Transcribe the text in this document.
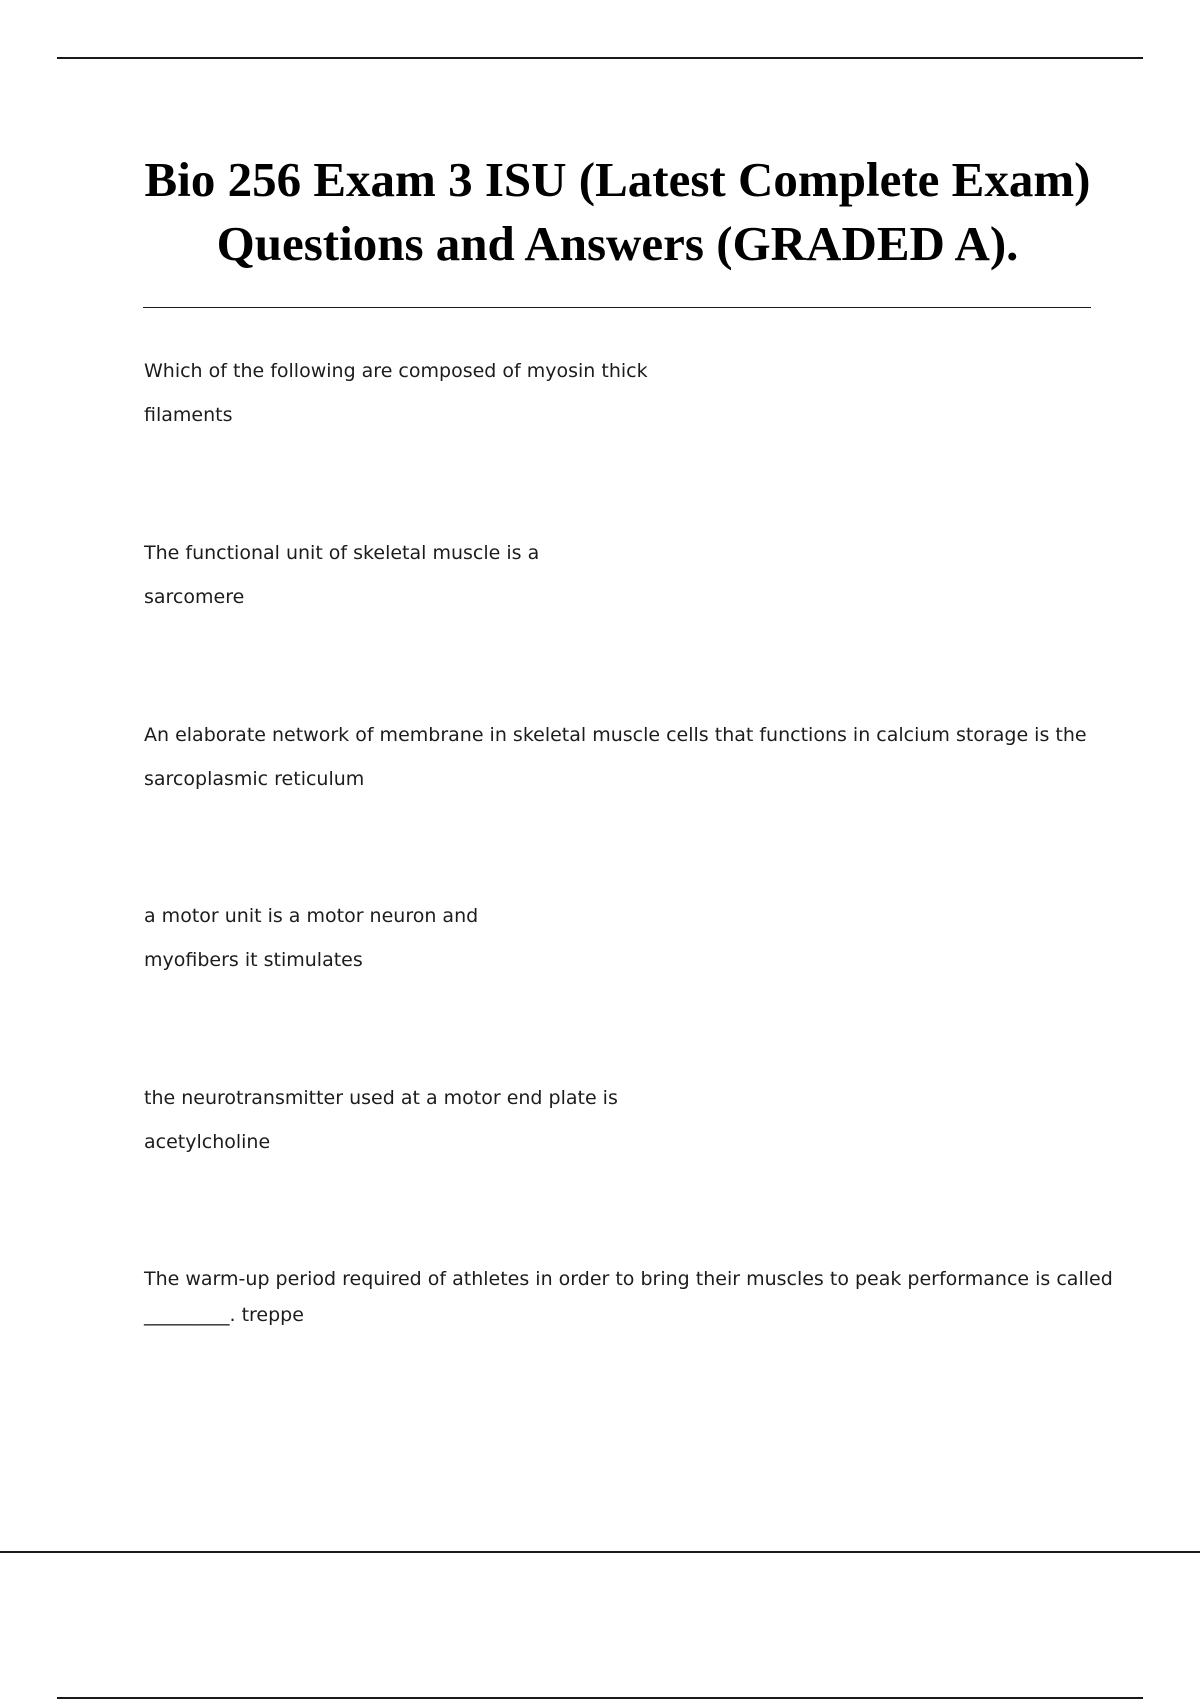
Bio 256 Exam 3 ISU (Latest Complete Exam) Questions and Answers (GRADED A).
Which of the following are composed of myosin thick
filaments
The functional unit of skeletal muscle is a
sarcomere
An elaborate network of membrane in skeletal muscle cells that functions in calcium storage is the
sarcoplasmic reticulum
a motor unit is a motor neuron and
myofibers it stimulates
the neurotransmitter used at a motor end plate is
acetylcholine
The warm-up period required of athletes in order to bring their muscles to peak performance is called
_________. treppe
